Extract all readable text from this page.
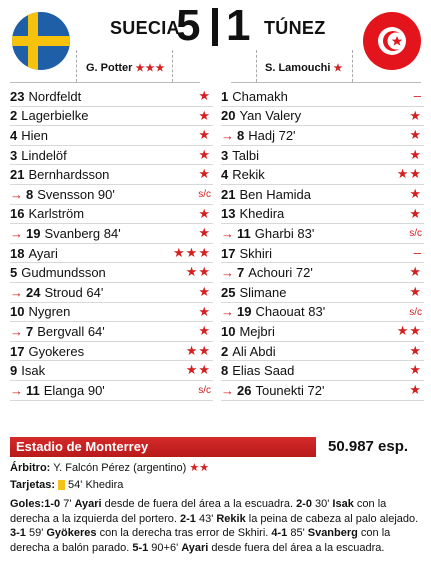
SUECIA
5 1 TÚNEZ
G. Potter ★★★	S. Lamouchi ★
23 Nordfeldt	★
2 Lagerbielke	★
4 Hien	★
3 Lindelöf	★
21 Bernhardsson	★
→ 8 Svensson 90'	s/c
16 Karlström	★
→ 19 Svanberg 84'	★
18 Ayari	★★★
5 Gudmundsson	★★
→ 24 Stroud 64'	★
10 Nygren	★
→ 7 Bergvall 64'	★
17 Gyokeres	★★
9 Isak	★★
→ 11 Elanga 90'	s/c
1 Chamakh	–
20 Yan Valery	★
→ 8 Hadj 72'	★
3 Talbi	★
4 Rekik	★★
21 Ben Hamida	★
13 Khedira	★
→ 11 Gharbi 83'	s/c
17 Skhiri	–
→ 7 Achouri 72'	★
25 Slimane	★
→ 19 Chaouat 83'	s/c
10 Mejbri	★★
2 Ali Abdi	★
8 Elias Saad	★
→ 26 Tounekti 72'	★
Estadio de Monterrey	50.987 esp.
Árbitro: Y. Falcón Pérez (argentino) ★★
Tarjetas: 54' Khedira
Goles:1-0 7' Ayari desde de fuera del área a la escuadra. 2-0 30' Isak con la derecha a la izquierda del portero. 2-1 43' Rekik la peina de cabeza al palo alejado. 3-1 59' Gyökeres con la derecha tras error de Skhiri. 4-1 85' Svanberg con la derecha a balón parado. 5-1 90+6' Ayari desde fuera del área a la escuadra.
